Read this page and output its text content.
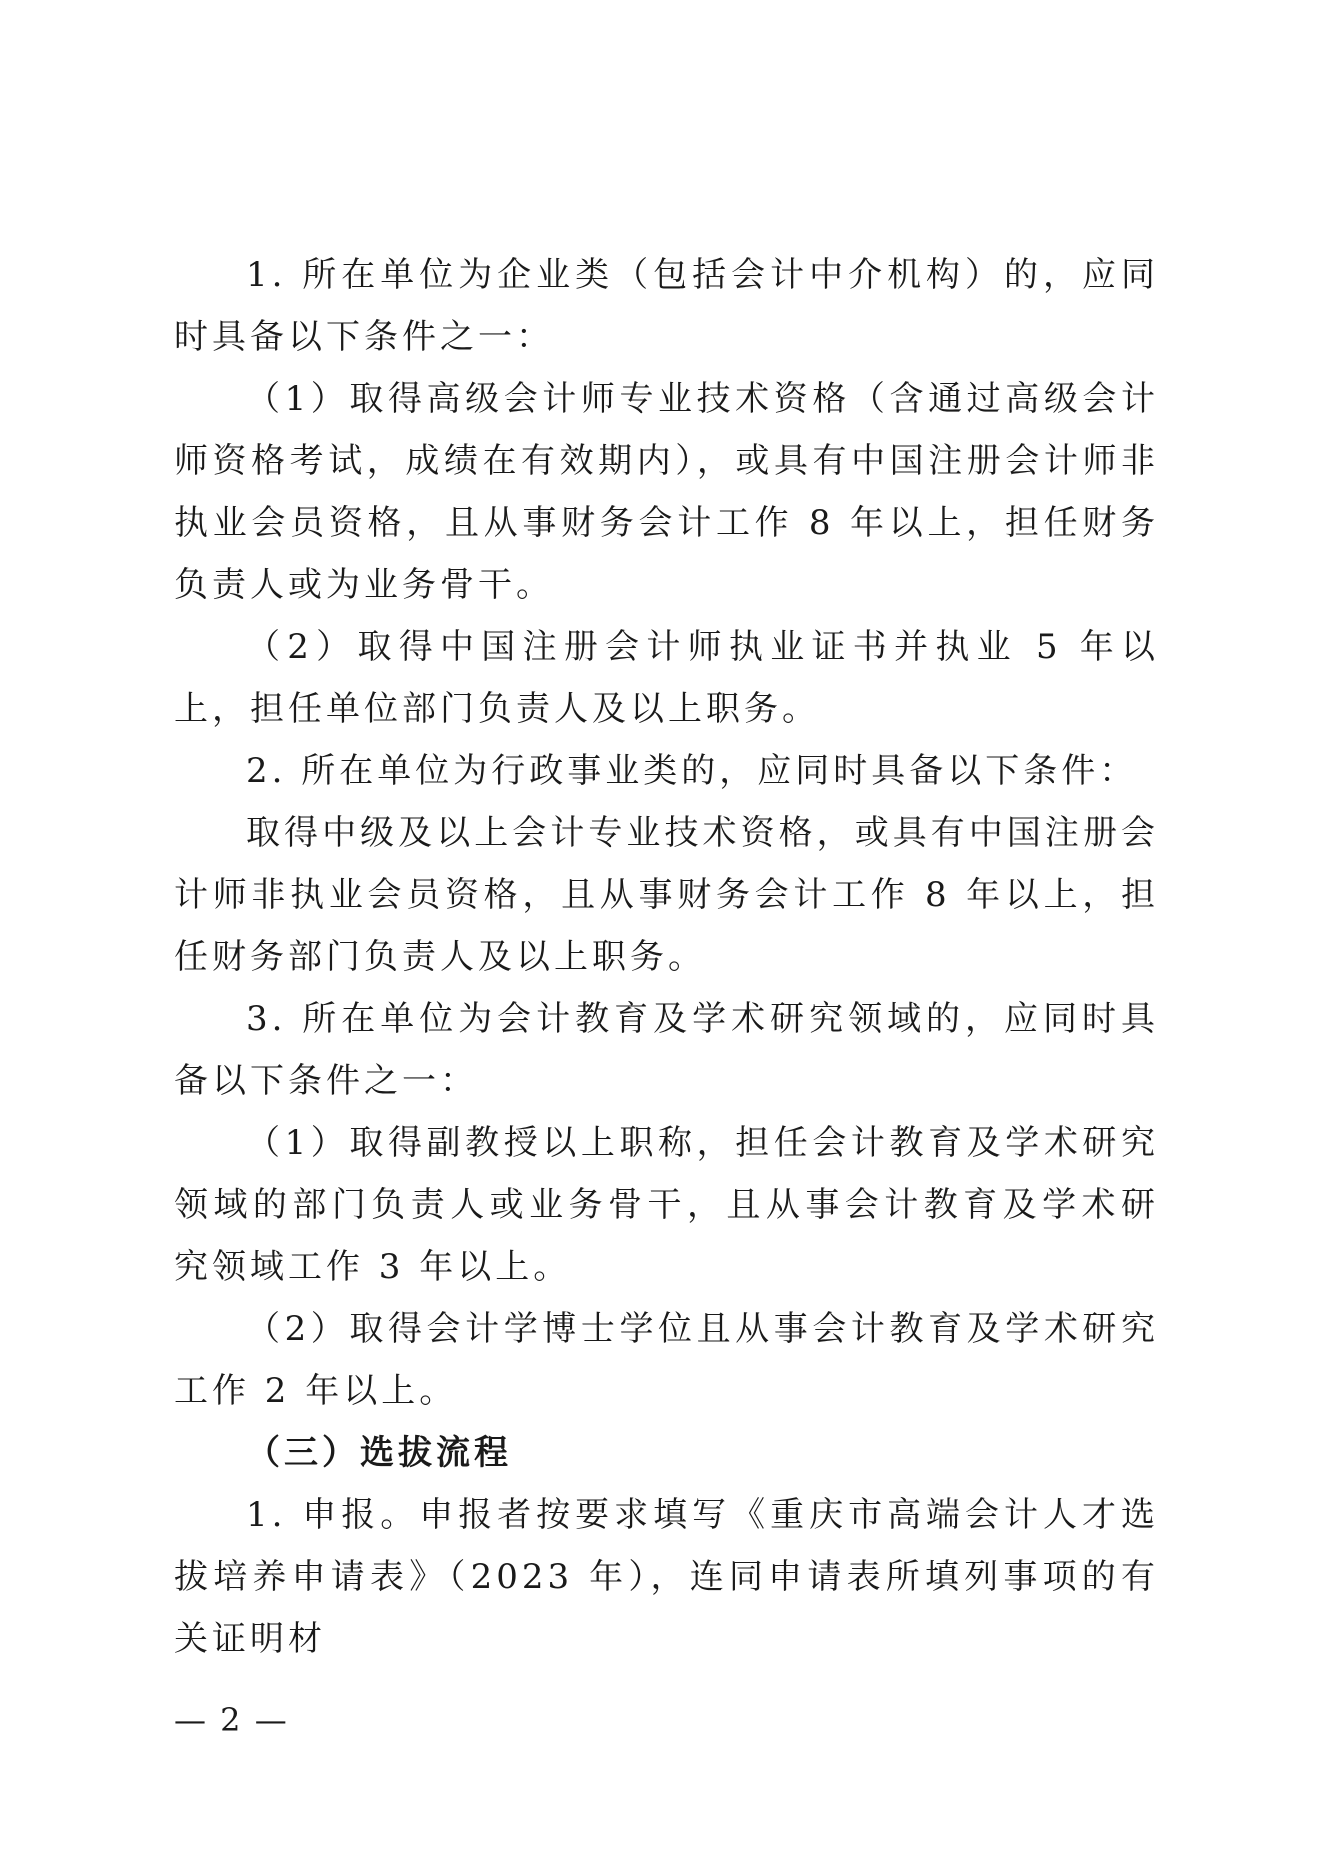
1. 所在单位为企业类（包括会计中介机构）的，应同时具备以下条件之一：

（1）取得高级会计师专业技术资格（含通过高级会计师资格考试，成绩在有效期内），或具有中国注册会计师非执业会员资格，且从事财务会计工作 8 年以上，担任财务负责人或为业务骨干。

（2）取得中国注册会计师执业证书并执业 5 年以上，担任单位部门负责人及以上职务。

2. 所在单位为行政事业类的，应同时具备以下条件：

取得中级及以上会计专业技术资格，或具有中国注册会计师非执业会员资格，且从事财务会计工作 8 年以上，担任财务部门负责人及以上职务。

3. 所在单位为会计教育及学术研究领域的，应同时具备以下条件之一：

（1）取得副教授以上职称，担任会计教育及学术研究领域的部门负责人或业务骨干，且从事会计教育及学术研究领域工作 3 年以上。

（2）取得会计学博士学位且从事会计教育及学术研究工作 2 年以上。

（三）选拔流程

1. 申报。申报者按要求填写《重庆市高端会计人才选拔培养申请表》（2023 年），连同申请表所填列事项的有关证明材

— 2 —
